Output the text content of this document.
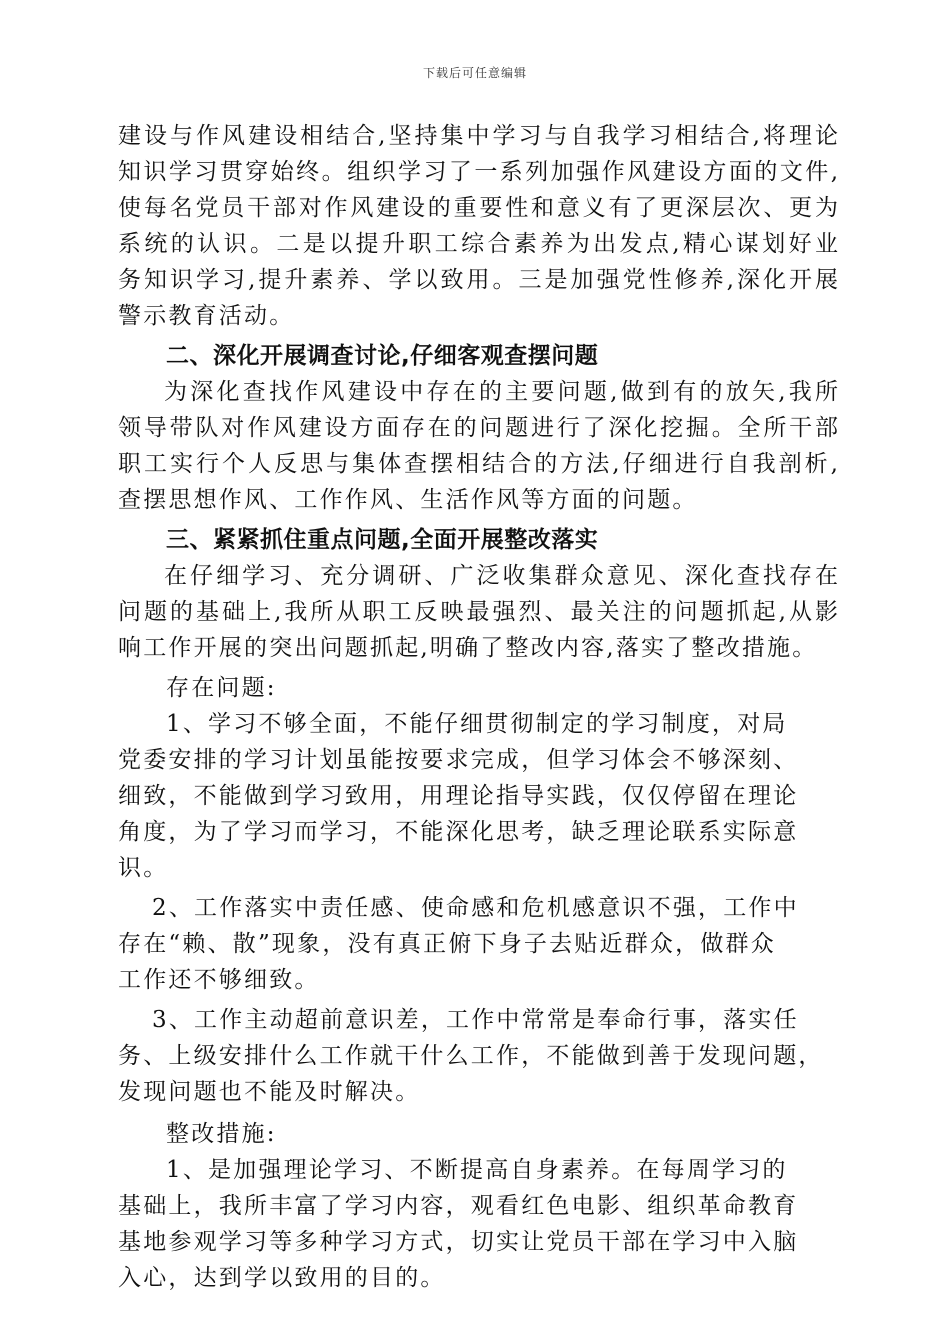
下载后可任意编辑
建设与作风建设相结合,坚持集中学习与自我学习相结合,将理论
知识学习贯穿始终。组织学习了一系列加强作风建设方面的文件,
使每名党员干部对作风建设的重要性和意义有了更深层次、更为
系统的认识。二是以提升职工综合素养为出发点,精心谋划好业
务知识学习,提升素养、学以致用。三是加强党性修养,深化开展
警示教育活动。
二、深化开展调查讨论,仔细客观查摆问题
为深化查找作风建设中存在的主要问题,做到有的放矢,我所
领导带队对作风建设方面存在的问题进行了深化挖掘。全所干部
职工实行个人反思与集体查摆相结合的方法,仔细进行自我剖析,
查摆思想作风、工作作风、生活作风等方面的问题。
三、紧紧抓住重点问题,全面开展整改落实
在仔细学习、充分调研、广泛收集群众意见、深化查找存在
问题的基础上,我所从职工反映最强烈、最关注的问题抓起,从影
响工作开展的突出问题抓起,明确了整改内容,落实了整改措施。
存在问题:
1、学习不够全面，不能仔细贯彻制定的学习制度，对局
党委安排的学习计划虽能按要求完成，但学习体会不够深刻、
细致，不能做到学习致用，用理论指导实践，仅仅停留在理论
角度，为了学习而学习，不能深化思考，缺乏理论联系实际意
识。
2、工作落实中责任感、使命感和危机感意识不强，工作中
存在“赖、散”现象，没有真正俯下身子去贴近群众，做群众
工作还不够细致。
3、工作主动超前意识差，工作中常常是奉命行事，落实任
务、上级安排什么工作就干什么工作，不能做到善于发现问题，
发现问题也不能及时解决。
整改措施:
1、是加强理论学习、不断提高自身素养。在每周学习的
基础上，我所丰富了学习内容，观看红色电影、组织革命教育
基地参观学习等多种学习方式，切实让党员干部在学习中入脑
入心，达到学以致用的目的。
